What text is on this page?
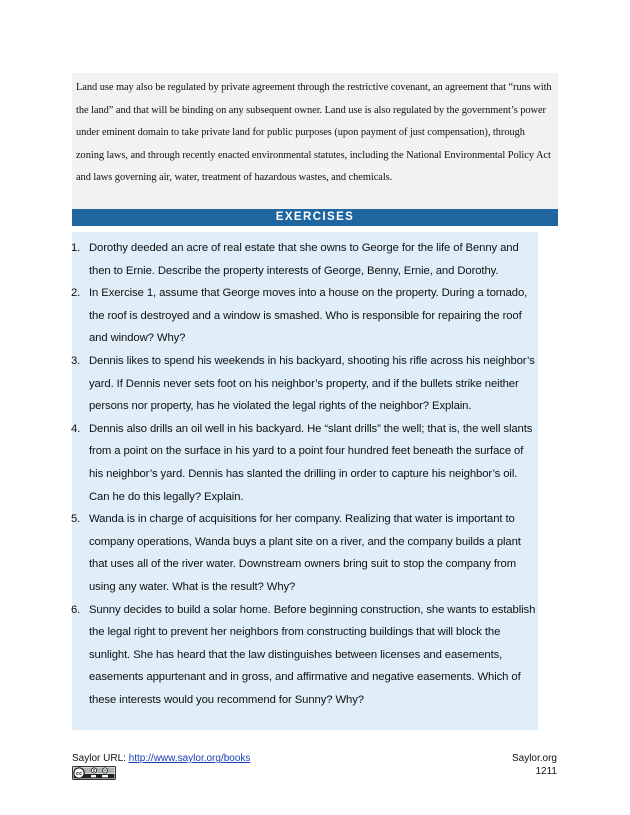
Land use may also be regulated by private agreement through the restrictive covenant, an agreement that “runs with the land” and that will be binding on any subsequent owner. Land use is also regulated by the government’s power under eminent domain to take private land for public purposes (upon payment of just compensation), through zoning laws, and through recently enacted environmental statutes, including the National Environmental Policy Act and laws governing air, water, treatment of hazardous wastes, and chemicals.

EXERCISES
1. Dorothy deeded an acre of real estate that she owns to George for the life of Benny and then to Ernie. Describe the property interests of George, Benny, Ernie, and Dorothy.
2. In Exercise 1, assume that George moves into a house on the property. During a tornado, the roof is destroyed and a window is smashed. Who is responsible for repairing the roof and window? Why?
3. Dennis likes to spend his weekends in his backyard, shooting his rifle across his neighbor’s yard. If Dennis never sets foot on his neighbor’s property, and if the bullets strike neither persons nor property, has he violated the legal rights of the neighbor? Explain.
4. Dennis also drills an oil well in his backyard. He “slant drills” the well; that is, the well slants from a point on the surface in his yard to a point four hundred feet beneath the surface of his neighbor’s yard. Dennis has slanted the drilling in order to capture his neighbor’s oil. Can he do this legally? Explain.
5. Wanda is in charge of acquisitions for her company. Realizing that water is important to company operations, Wanda buys a plant site on a river, and the company builds a plant that uses all of the river water. Downstream owners bring suit to stop the company from using any water. What is the result? Why?
6. Sunny decides to build a solar home. Before beginning construction, she wants to establish the legal right to prevent her neighbors from constructing buildings that will block the sunlight. She has heard that the law distinguishes between licenses and easements, easements appurtenant and in gross, and affirmative and negative easements. Which of these interests would you recommend for Sunny? Why?
Saylor URL: http://www.saylor.org/books
cc
Saylor.org
1211
